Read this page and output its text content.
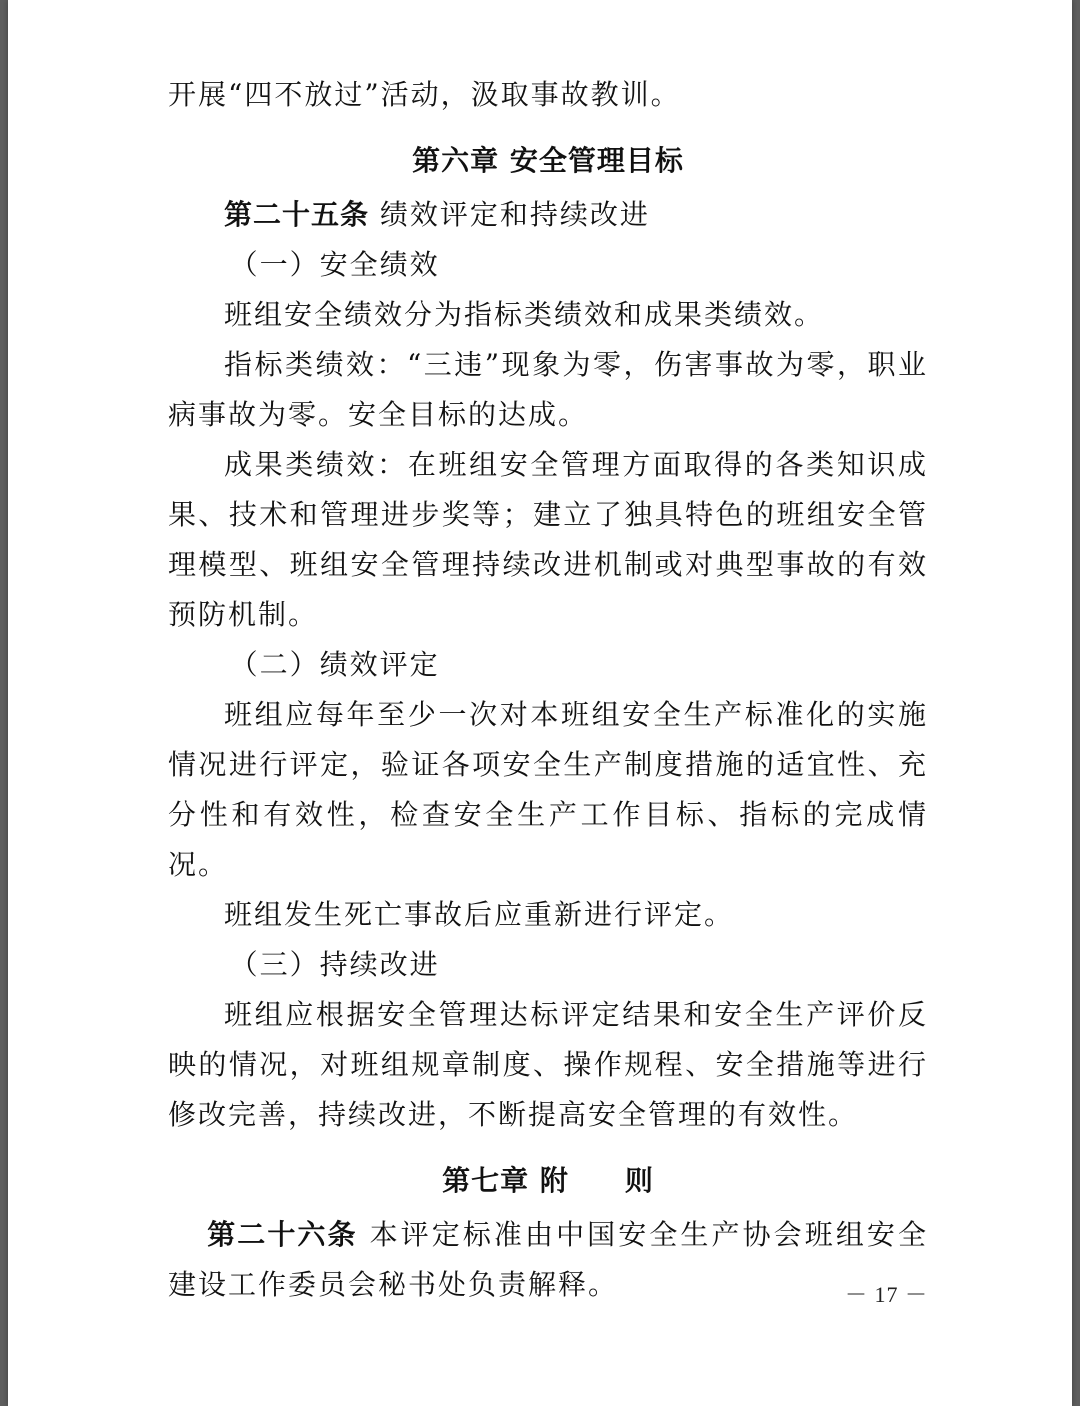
开展“四不放过”活动，汲取事故教训。

第六章 安全管理目标

第二十五条 绩效评定和持续改进

（一）安全绩效

班组安全绩效分为指标类绩效和成果类绩效。

指标类绩效：“三违”现象为零，伤害事故为零，职业病事故为零。安全目标的达成。

成果类绩效：在班组安全管理方面取得的各类知识成果、技术和管理进步奖等；建立了独具特色的班组安全管理模型、班组安全管理持续改进机制或对典型事故的有效预防机制。

（二）绩效评定

班组应每年至少一次对本班组安全生产标准化的实施情况进行评定，验证各项安全生产制度措施的适宜性、充分性和有效性，检查安全生产工作目标、指标的完成情况。

班组发生死亡事故后应重新进行评定。

（三）持续改进

班组应根据安全管理达标评定结果和安全生产评价反映的情况，对班组规章制度、操作规程、安全措施等进行修改完善，持续改进，不断提高安全管理的有效性。

第七章 附 则

第二十六条 本评定标准由中国安全生产协会班组安全建设工作委员会秘书处负责解释。	－ 17 －
